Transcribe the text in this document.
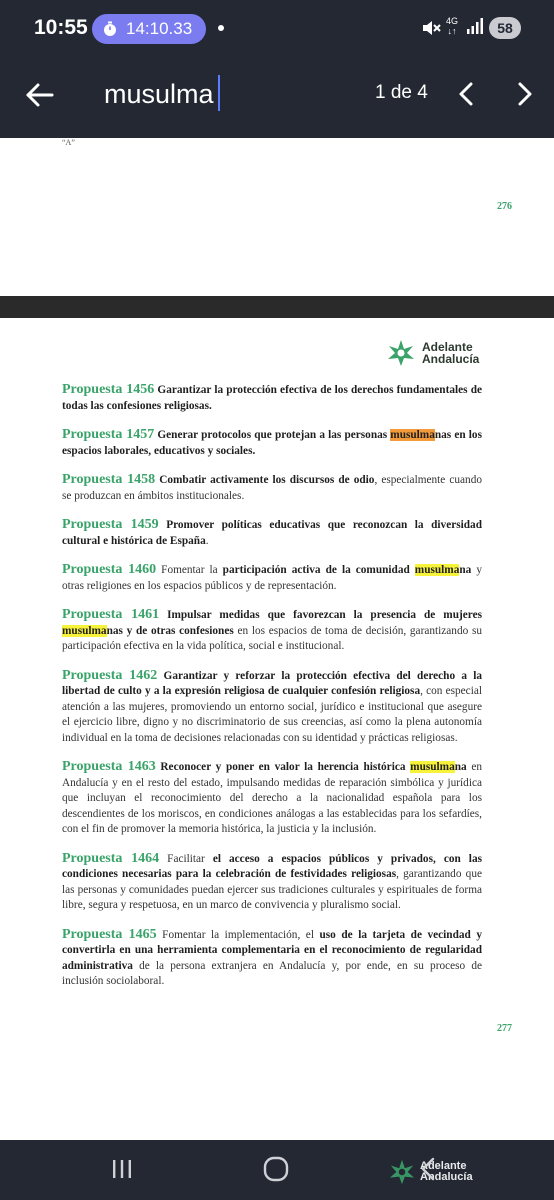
10:55 14:10.33	4G
↓↑	58
musulma
1 de 4
“A”
276
Adelante
Andalucía

Propuesta 1456 Garantizar la protección efectiva de los derechos fundamentales de todas las confesiones religiosas.

Propuesta 1457 Generar protocolos que protejan a las personas musulmanas en los espacios laborales, educativos y sociales.

Propuesta 1458 Combatir activamente los discursos de odio, especialmente cuando se produzcan en ámbitos institucionales.

Propuesta 1459 Promover políticas educativas que reconozcan la diversidad cultural e histórica de España.

Propuesta 1460 Fomentar la participación activa de la comunidad musulmana y otras religiones en los espacios públicos y de representación.

Propuesta 1461 Impulsar medidas que favorezcan la presencia de mujeres musulmanas y de otras confesiones en los espacios de toma de decisión, garantizando su participación efectiva en la vida política, social e institucional.

Propuesta 1462 Garantizar y reforzar la protección efectiva del derecho a la libertad de culto y a la expresión religiosa de cualquier confesión religiosa, con especial atención a las mujeres, promoviendo un entorno social, jurídico e institucional que asegure el ejercicio libre, digno y no discriminatorio de sus creencias, así como la plena autonomía individual en la toma de decisiones relacionadas con su identidad y prácticas religiosas.

Propuesta 1463 Reconocer y poner en valor la herencia histórica musulmana en Andalucía y en el resto del estado, impulsando medidas de reparación simbólica y jurídica que incluyan el reconocimiento del derecho a la nacionalidad española para los descendientes de los moriscos, en condiciones análogas a las establecidas para los sefardíes, con el fin de promover la memoria histórica, la justicia y la inclusión.

Propuesta 1464 Facilitar el acceso a espacios públicos y privados, con las condiciones necesarias para la celebración de festividades religiosas, garantizando que las personas y comunidades puedan ejercer sus tradiciones culturales y espirituales de forma libre, segura y respetuosa, en un marco de convivencia y pluralismo social.

Propuesta 1465 Fomentar la implementación, el uso de la tarjeta de vecindad y convertirla en una herramienta complementaria en el reconocimiento de regularidad administrativa de la persona extranjera en Andalucía y, por ende, en su proceso de inclusión sociolaboral.

277
Adelante
Andalucía
